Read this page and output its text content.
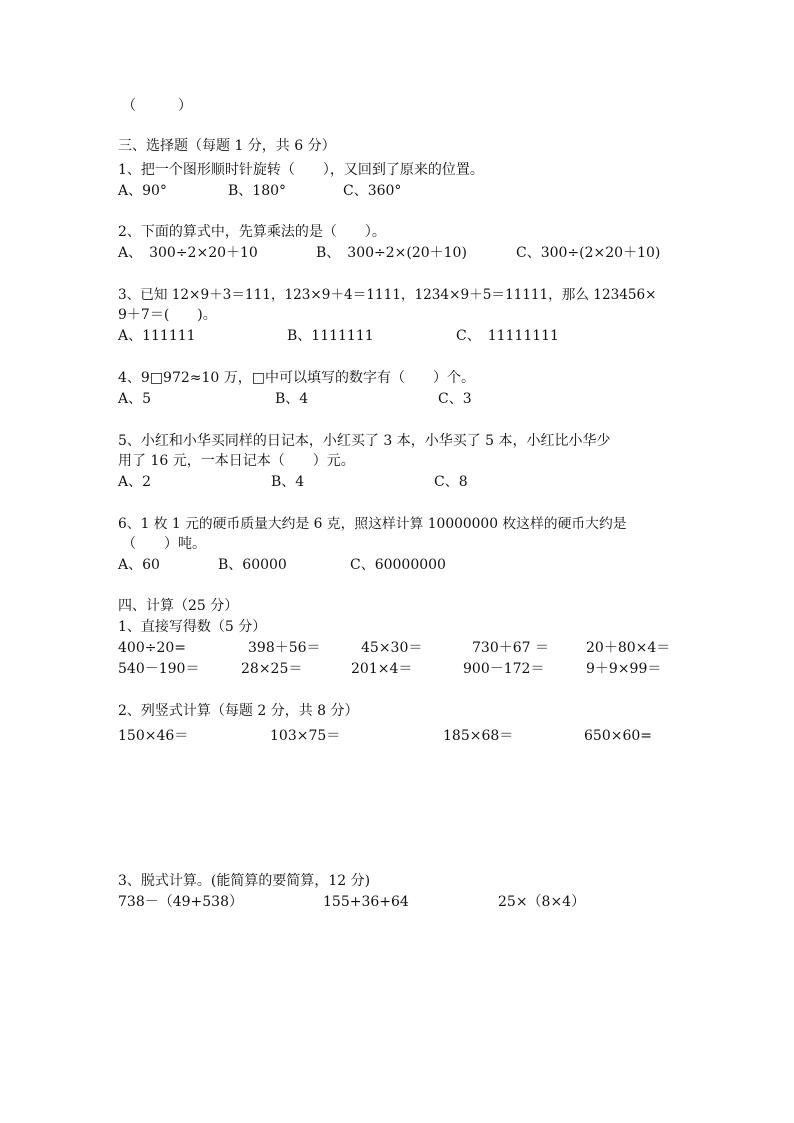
（　　　）
三、选择题（每题 1 分，共 6 分）
1、把一个图形顺时针旋转（　　），又回到了原来的位置。
A、90°	B、180°	C、360°
2、下面的算式中，先算乘法的是（　　）。
A、　300÷2×20＋10	B、　300÷2×(20＋10)	C、300÷(2×20＋10)
3、已知 12×9＋3＝111，123×9＋4＝1111，1234×9＋5＝11111，那么 123456×
9＋7＝(　　)。
A、111111	B、1111111	C、　11111111
4、9□972≈10 万，□中可以填写的数字有（　　）个。
A、5	B、4	C、3
5、小红和小华买同样的日记本，小红买了 3 本，小华买了 5 本，小红比小华少
用了 16 元，一本日记本（　　）元。
A、2	B、4	C、8
6、1 枚 1 元的硬币质量大约是 6 克，照这样计算 10000000 枚这样的硬币大约是
（　　）吨。
A、60	B、60000	C、60000000
四、计算（25 分）
1、直接写得数（5 分）
400÷20=	398＋56＝	45×30＝	730＋67 ＝	20＋80×4＝
540－190＝	28×25＝	201×4＝	900－172＝	9＋9×99＝
2、列竖式计算（每题 2 分，共 8 分）
150×46＝	103×75＝	185×68＝	650×60=
3、脱式计算。(能简算的要简算，12 分)
738－（49+538）	155+36+64	25×（8×4）
